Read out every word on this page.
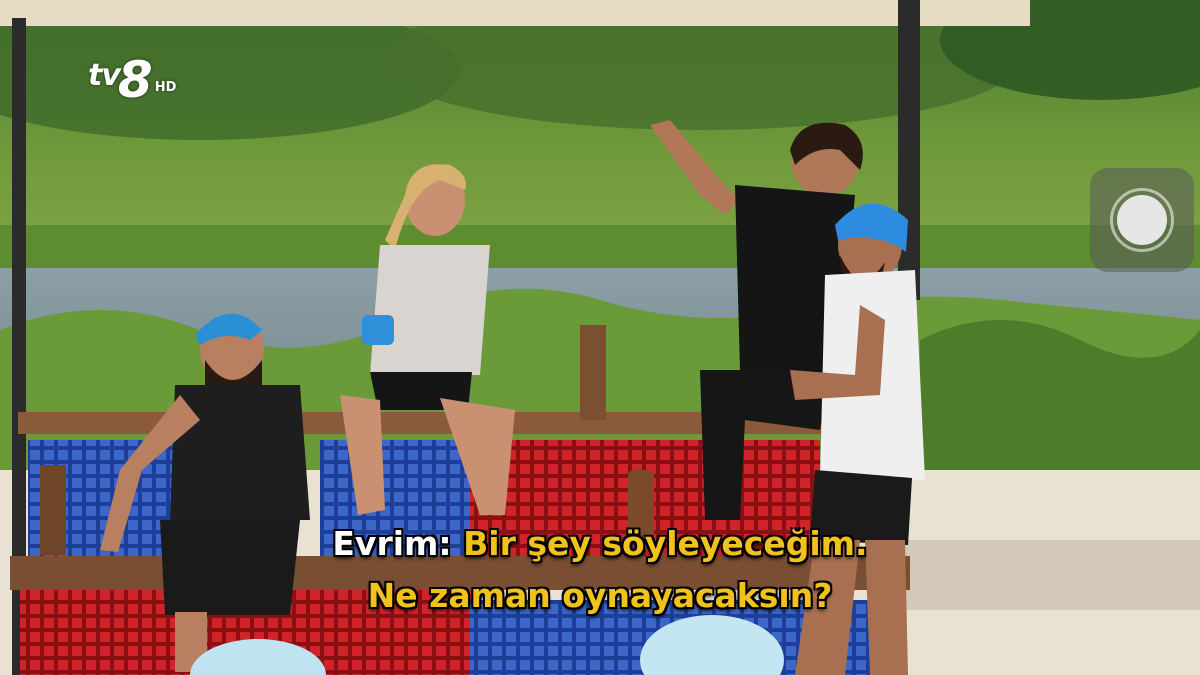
tv
8 HD
Evrim: Bir şey söyleyeceğim.
Ne zaman oynayacaksın?
